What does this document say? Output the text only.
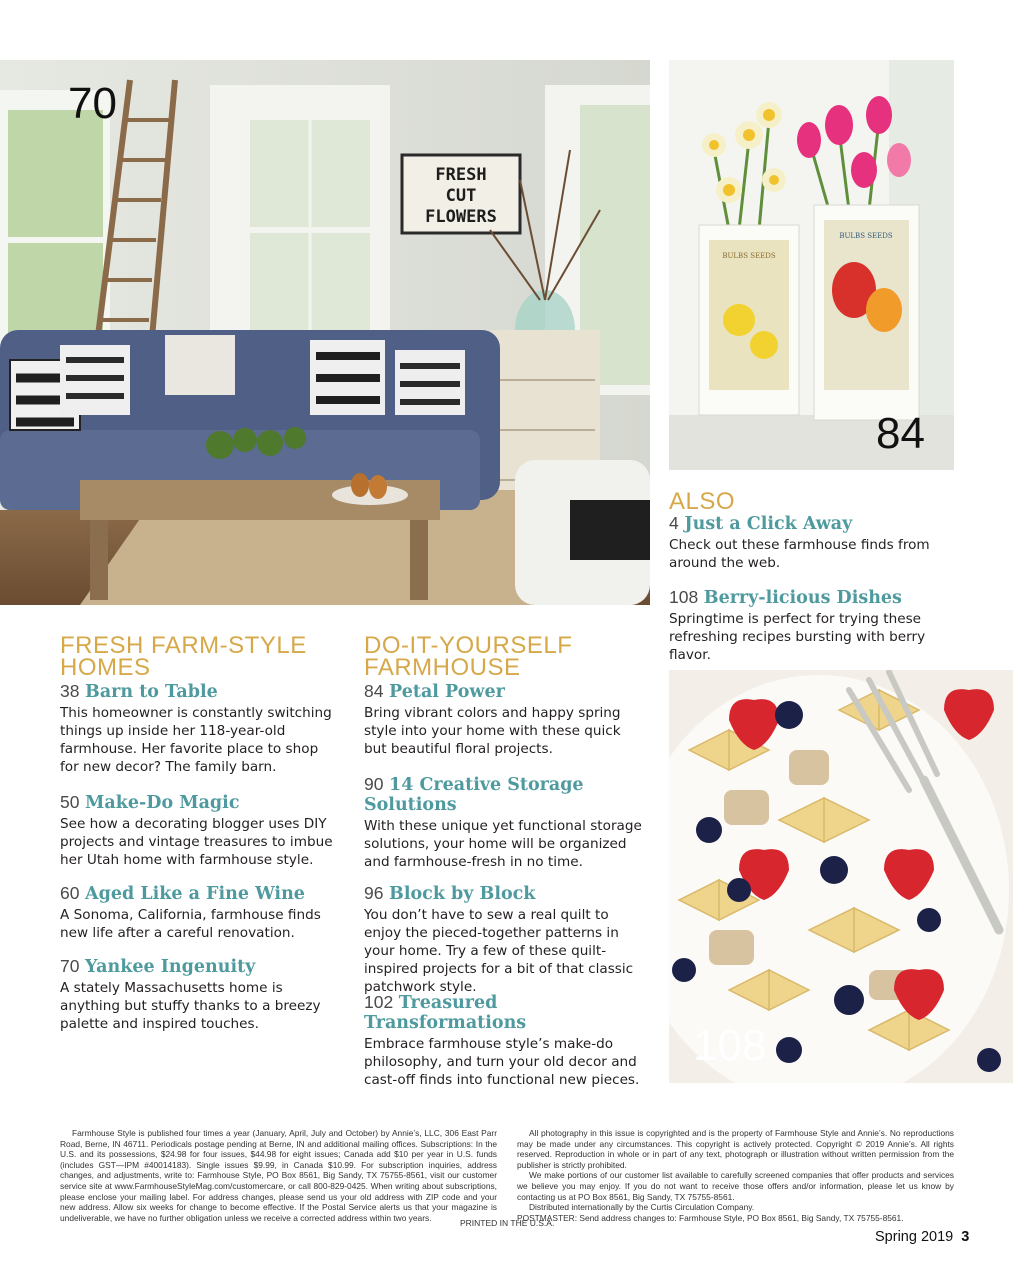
FRESH
CUT
FLOWERS
70
BULBS SEEDS
BULBS SEEDS
84
108
FRESH FARM-STYLE HOMES

38 Barn to Table

This homeowner is constantly switching things up inside her 118-year-old farmhouse. Her favorite place to shop for new decor? The family barn.

50 Make-Do Magic

See how a decorating blogger uses DIY projects and vintage treasures to imbue her Utah home with farmhouse style.

60 Aged Like a Fine Wine

A Sonoma, California, farmhouse finds new life after a careful renovation.

70 Yankee Ingenuity

A stately Massachusetts home is anything but stuffy thanks to a breezy palette and inspired touches.

DO-IT-YOURSELF FARMHOUSE

84 Petal Power

Bring vibrant colors and happy spring style into your home with these quick but beautiful floral projects.

90 14 Creative Storage Solutions

With these unique yet functional storage solutions, your home will be organized and farmhouse-fresh in no time.

96 Block by Block

You don’t have to sew a real quilt to enjoy the pieced-together patterns in your home. Try a few of these quilt-inspired projects for a bit of that classic patchwork style.

102 Treasured Transformations

Embrace farmhouse style’s make-do philosophy, and turn your old decor and cast-off finds into functional new pieces.

ALSO

4 Just a Click Away

Check out these farmhouse finds from around the web.

108 Berry-licious Dishes

Springtime is perfect for trying these refreshing recipes bursting with berry flavor.

Farmhouse Style is published four times a year (January, April, July and October) by Annie’s, LLC, 306 East Parr Road, Berne, IN 46711. Periodicals postage pending at Berne, IN and additional mailing offices. Subscriptions: In the U.S. and its possessions, $24.98 for four issues, $44.98 for eight issues; Canada add $10 per year in U.S. funds (includes GST—IPM #40014183). Single issues $9.99, in Canada $10.99. For subscription inquiries, address changes, and adjustments, write to: Farmhouse Style, PO Box 8561, Big Sandy, TX 75755-8561, visit our customer service site at www.FarmhouseStyleMag.com/customercare, or call 800-829-0425. When writing about subscriptions, please enclose your mailing label. For address changes, please send us your old address with ZIP code and your new address. Allow six weeks for change to become effective. If the Postal Service alerts us that your magazine is undeliverable, we have no further obligation unless we receive a corrected address within two years.

All photography in this issue is copyrighted and is the property of Farmhouse Style and Annie’s. No reproductions may be made under any circumstances. This copyright is actively protected. Copyright © 2019 Annie’s. All rights reserved. Reproduction in whole or in part of any text, photograph or illustration without written permission from the publisher is strictly prohibited.

We make portions of our customer list available to carefully screened companies that offer products and services we believe you may enjoy. If you do not want to receive those offers and/or information, please let us know by contacting us at PO Box 8561, Big Sandy, TX 75755-8561.

Distributed internationally by the Curtis Circulation Company.

POSTMASTER: Send address changes to: Farmhouse Style, PO Box 8561, Big Sandy, TX 75755-8561.

PRINTED IN THE U.S.A.
Spring 2019 3
